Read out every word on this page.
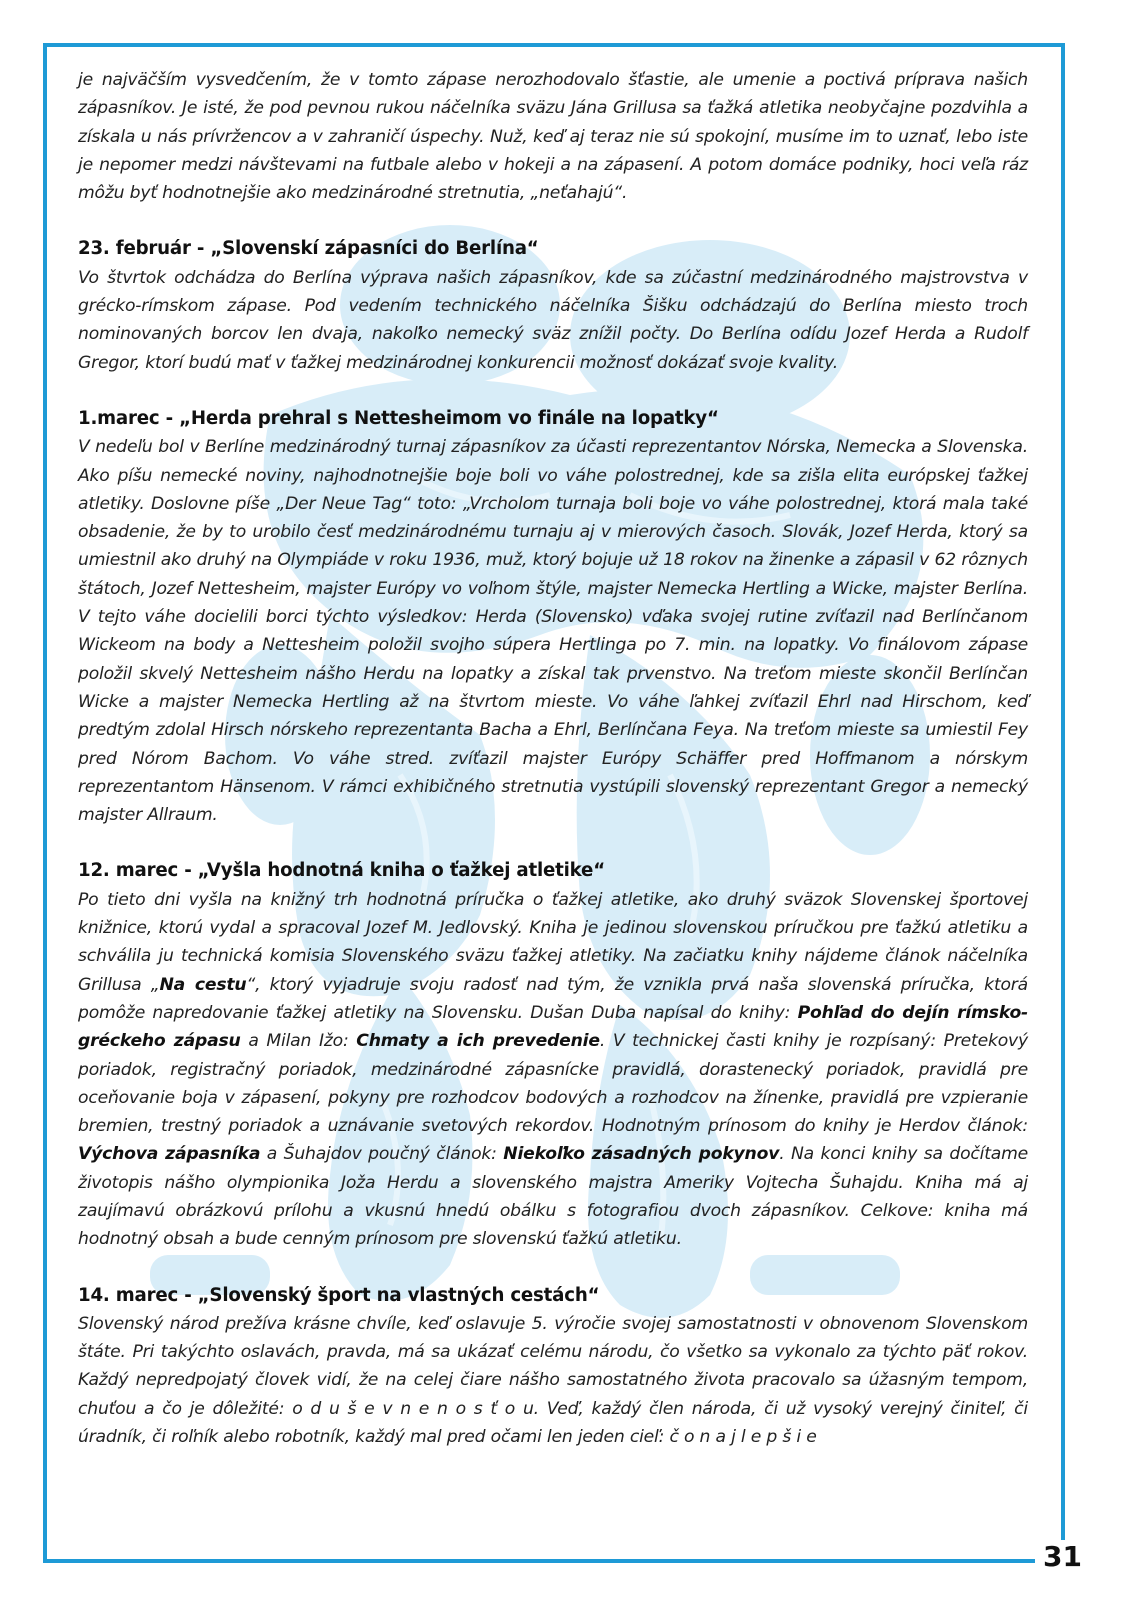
je najväčším vysvedčením, že v tomto zápase nerozhodovalo šťastie, ale umenie a poctivá príprava našich zápasníkov. Je isté, že pod pevnou rukou náčelníka sväzu Jána Grillusa sa ťažká atletika neobyčajne pozdvihla a získala u nás prívržencov a v zahraničí úspechy. Nuž, keď aj teraz nie sú spokojní, musíme im to uznať, lebo iste je nepomer medzi návštevami na futbale alebo v hokeji a na zápasení. A potom domáce podniky, hoci veľa ráz môžu byť hodnotnejšie ako medzinárodné stretnutia, „neťahajú“.

23. február - „Slovenskí zápasníci do Berlína“

Vo štvrtok odchádza do Berlína výprava našich zápasníkov, kde sa zúčastní medzinárodného majstrovstva v grécko-rímskom zápase. Pod vedením technického náčelníka Šišku odchádzajú do Berlína miesto troch nominovaných borcov len dvaja, nakoľko nemecký sväz znížil počty. Do Berlína odídu Jozef Herda a Rudolf Gregor, ktorí budú mať v ťažkej medzinárodnej konkurencii možnosť dokázať svoje kvality.

1.marec - „Herda prehral s Nettesheimom vo finále na lopatky“

V nedeľu bol v Berlíne medzinárodný turnaj zápasníkov za účasti reprezentantov Nórska, Nemecka a Slovenska. Ako píšu nemecké noviny, najhodnotnejšie boje boli vo váhe polostrednej, kde sa zišla elita európskej ťažkej atletiky. Doslovne píše „Der Neue Tag“ toto: „Vrcholom turnaja boli boje vo váhe polostrednej, ktorá mala také obsadenie, že by to urobilo česť medzinárodnému turnaju aj v mierových časoch. Slovák, Jozef Herda, ktorý sa umiestnil ako druhý na Olympiáde v roku 1936, muž, ktorý bojuje už 18 rokov na žinenke a zápasil v 62 rôznych štátoch, Jozef Nettesheim, majster Európy vo voľnom štýle, majster Nemecka Hertling a Wicke, majster Berlína. V tejto váhe docielili borci týchto výsledkov: Herda (Slovensko) vďaka svojej rutine zvíťazil nad Berlínčanom Wickeom na body a Nettesheim položil svojho súpera Hertlinga po 7. min. na lopatky. Vo finálovom zápase položil skvelý Nettesheim nášho Herdu na lopatky a získal tak prvenstvo. Na treťom mieste skončil Berlínčan Wicke a majster Nemecka Hertling až na štvrtom mieste. Vo váhe ľahkej zvíťazil Ehrl nad Hirschom, keď predtým zdolal Hirsch nórskeho reprezentanta Bacha a Ehrl, Berlínčana Feya. Na treťom mieste sa umiestil Fey pred Nórom Bachom. Vo váhe stred. zvíťazil majster Európy Schäffer pred Hoffmanom a nórskym reprezentantom Hänsenom. V rámci exhibičného stretnutia vystúpili slovenský reprezentant Gregor a nemecký majster Allraum.

12. marec - „Vyšla hodnotná kniha o ťažkej atletike“

Po tieto dni vyšla na knižný trh hodnotná príručka o ťažkej atletike, ako druhý sväzok Slovenskej športovej knižnice, ktorú vydal a spracoval Jozef M. Jedlovský. Kniha je jedinou slovenskou príručkou pre ťažkú atletiku a schválila ju technická komisia Slovenského sväzu ťažkej atletiky. Na začiatku knihy nájdeme článok náčelníka Grillusa „Na cestu“, ktorý vyjadruje svoju radosť nad tým, že vznikla prvá naša slovenská príručka, ktorá pomôže napredovanie ťažkej atletiky na Slovensku. Dušan Duba napísal do knihy: Pohľad do dejín rímsko-gréckeho zápasu a Milan Ižo: Chmaty a ich prevedenie. V technickej časti knihy je rozpísaný: Pretekový poriadok, registračný poriadok, medzinárodné zápasnícke pravidlá, dorastenecký poriadok, pravidlá pre oceňovanie boja v zápasení, pokyny pre rozhodcov bodových a rozhodcov na žínenke, pravidlá pre vzpieranie bremien, trestný poriadok a uznávanie svetových rekordov. Hodnotným prínosom do knihy je Herdov článok: Výchova zápasníka a Šuhajdov poučný článok: Niekoľko zásadných pokynov. Na konci knihy sa dočítame životopis nášho olympionika Joža Herdu a slovenského majstra Ameriky Vojtecha Šuhajdu. Kniha má aj zaujímavú obrázkovú prílohu a vkusnú hnedú obálku s fotografiou dvoch zápasníkov. Celkove: kniha má hodnotný obsah a bude cenným prínosom pre slovenskú ťažkú atletiku.

14. marec - „Slovenský šport na vlastných cestách“

Slovenský národ prežíva krásne chvíle, keď oslavuje 5. výročie svojej samostatnosti v obnovenom Slovenskom štáte. Pri takýchto oslavách, pravda, má sa ukázať celému národu, čo všetko sa vykonalo za týchto päť rokov. Každý nepredpojatý človek vidí, že na celej čiare nášho samostatného života pracovalo sa úžasným tempom, chuťou a čo je dôležité: o d u š e v n e n o s ť o u. Veď, každý člen národa, či už vysoký verejný činiteľ, či úradník, či roľník alebo robotník, každý mal pred očami len jeden cieľ: č o n a j l e p š i e

31
